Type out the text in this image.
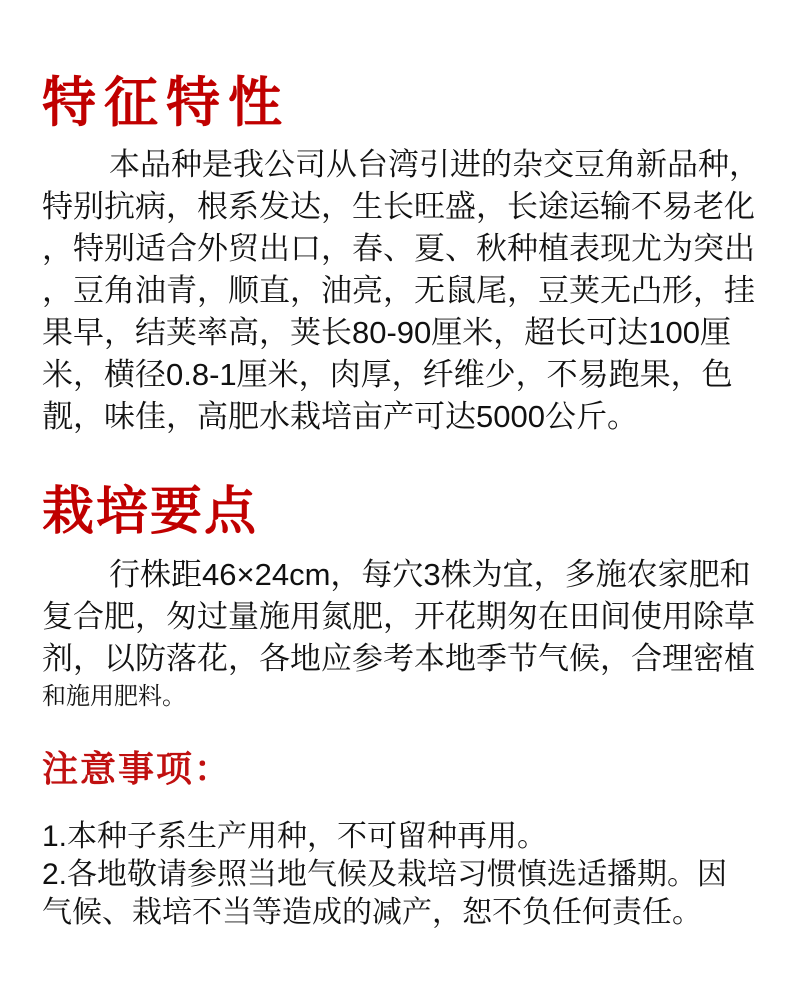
特征特性
本品种是我公司从台湾引进的杂交豆角新品种，
特别抗病，根系发达，生长旺盛，长途运输不易老化
，特别适合外贸出口，春、夏、秋种植表现尤为突出
，豆角油青，顺直，油亮，无鼠尾，豆荚无凸形，挂
果早，结荚率高，荚长80-90厘米，超长可达100厘
米，横径0.8-1厘米，肉厚，纤维少，不易跑果，色
靓，味佳，高肥水栽培亩产可达5000公斤。
栽培要点
行株距46×24cm，每穴3株为宜，多施农家肥和
复合肥，匆过量施用氮肥，开花期匆在田间使用除草
剂，以防落花，各地应参考本地季节气候，合理密植
和施用肥料。
注意事项：
1.本种子系生产用种，不可留种再用。
2.各地敬请参照当地气候及栽培习惯慎选适播期。因
气候、栽培不当等造成的减产，恕不负任何责任。
